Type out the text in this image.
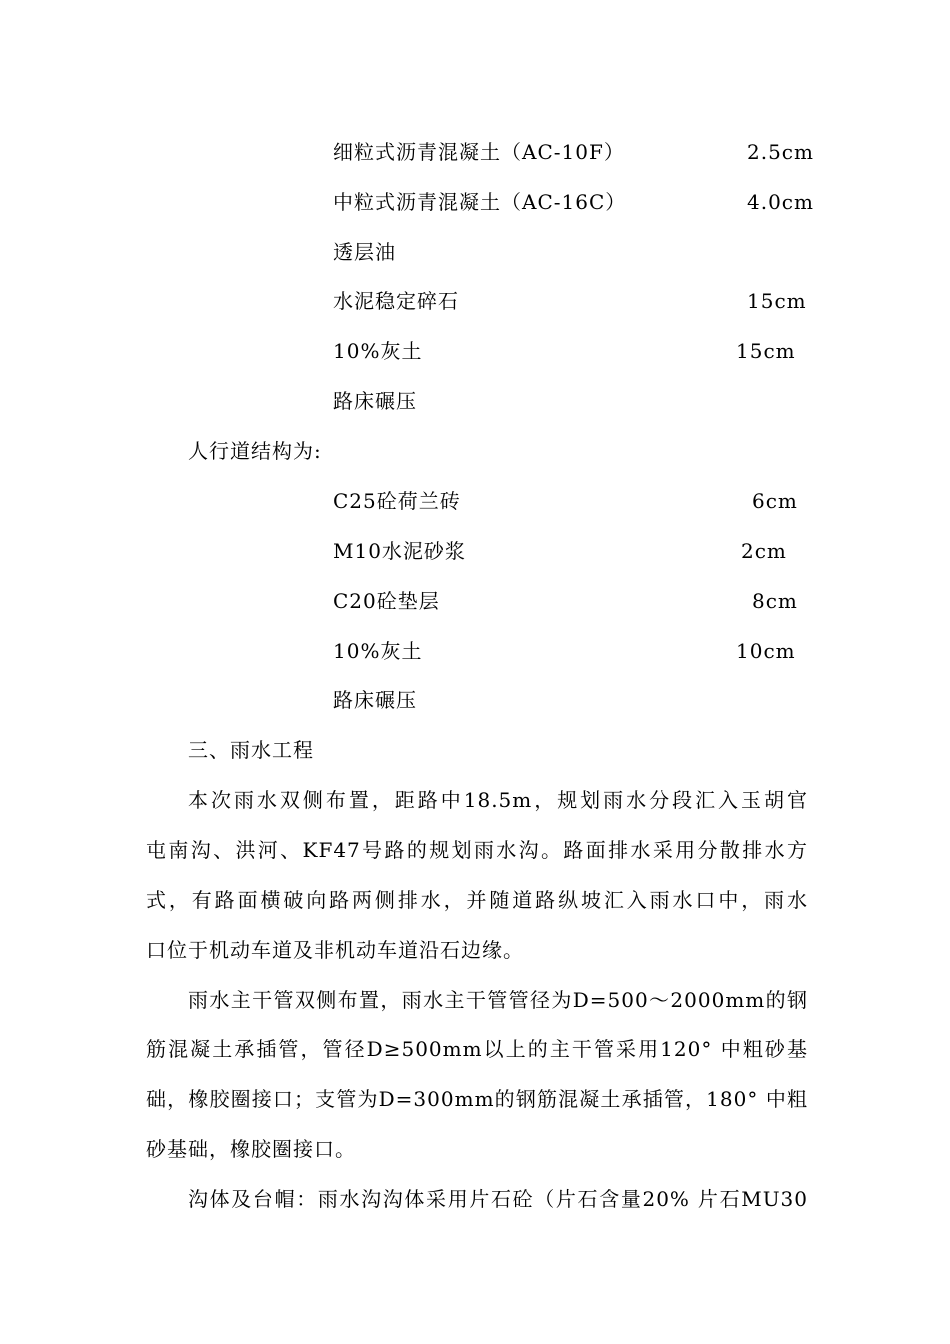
细粒式沥青混凝土（AC-10F）	2.5cm
中粒式沥青混凝土（AC-16C）	4.0cm
透层油
水泥稳定碎石	15cm
10%灰土	15cm
路床碾压
人行道结构为:
C25砼荷兰砖	6cm
M10水泥砂浆	2cm
C20砼垫层	8cm
10%灰土	10cm
路床碾压
三、雨水工程
本次雨水双侧布置，距路中18.5m，规划雨水分段汇入玉胡官
屯南沟、洪河、KF47号路的规划雨水沟。路面排水采用分散排水方
式，有路面横破向路两侧排水，并随道路纵坡汇入雨水口中，雨水
口位于机动车道及非机动车道沿石边缘。
雨水主干管双侧布置，雨水主干管管径为D=500～2000mm的钢
筋混凝土承插管，管径D≥500mm以上的主干管采用120° 中粗砂基
础，橡胶圈接口；支管为D=300mm的钢筋混凝土承插管，180° 中粗
砂基础，橡胶圈接口。
沟体及台帽：雨水沟沟体采用片石砼（片石含量20% 片石MU30
